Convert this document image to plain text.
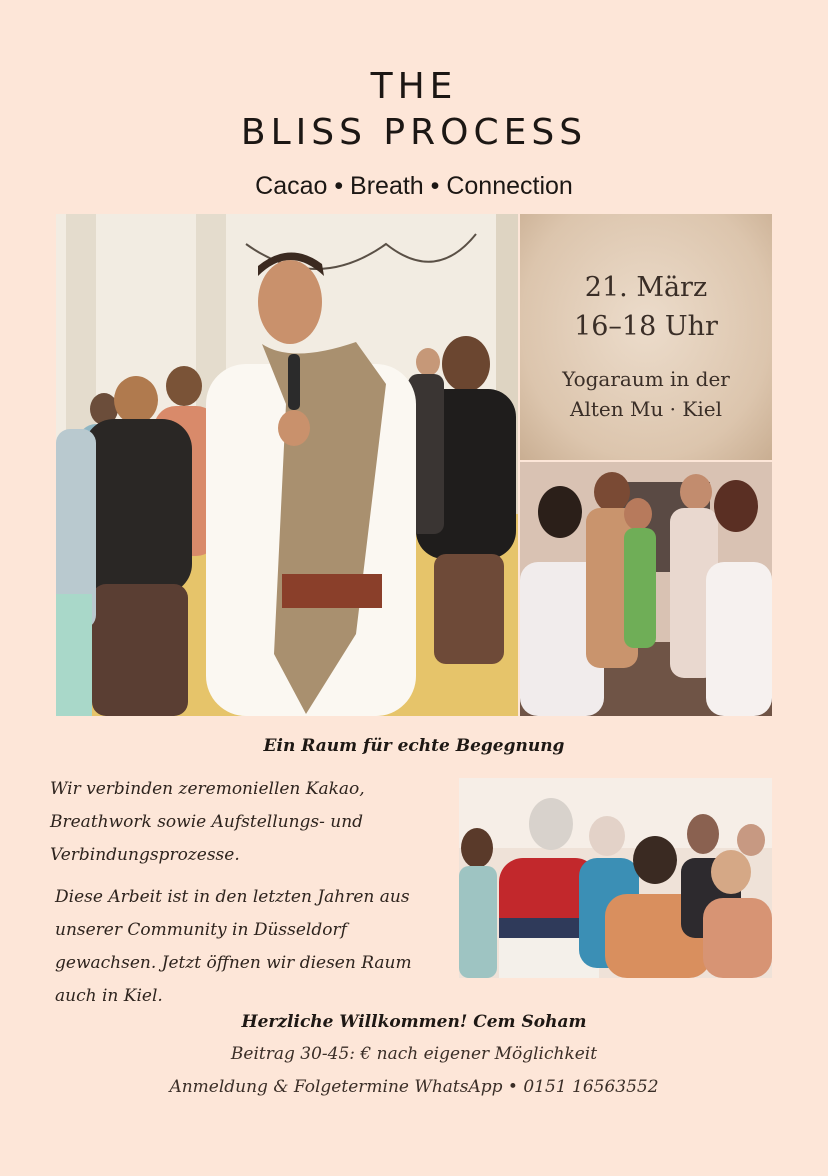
THE
BLISS PROCESS
Cacao • Breath • Connection
21. März
16–18 Uhr
Yogaraum in der
Alten Mu · Kiel
Ein Raum für echte Begegnung

Wir verbinden zeremoniellen Kakao,
Breathwork sowie Aufstellungs- und
Verbindungsprozesse.

Diese Arbeit ist in den letzten Jahren aus
unserer Community in Düsseldorf
gewachsen. Jetzt öffnen wir diesen Raum
auch in Kiel.

Herzliche Willkommen! Cem Soham
Beitrag 30-45: € nach eigener Möglichkeit
Anmeldung & Folgetermine WhatsApp • 0151 16563552
